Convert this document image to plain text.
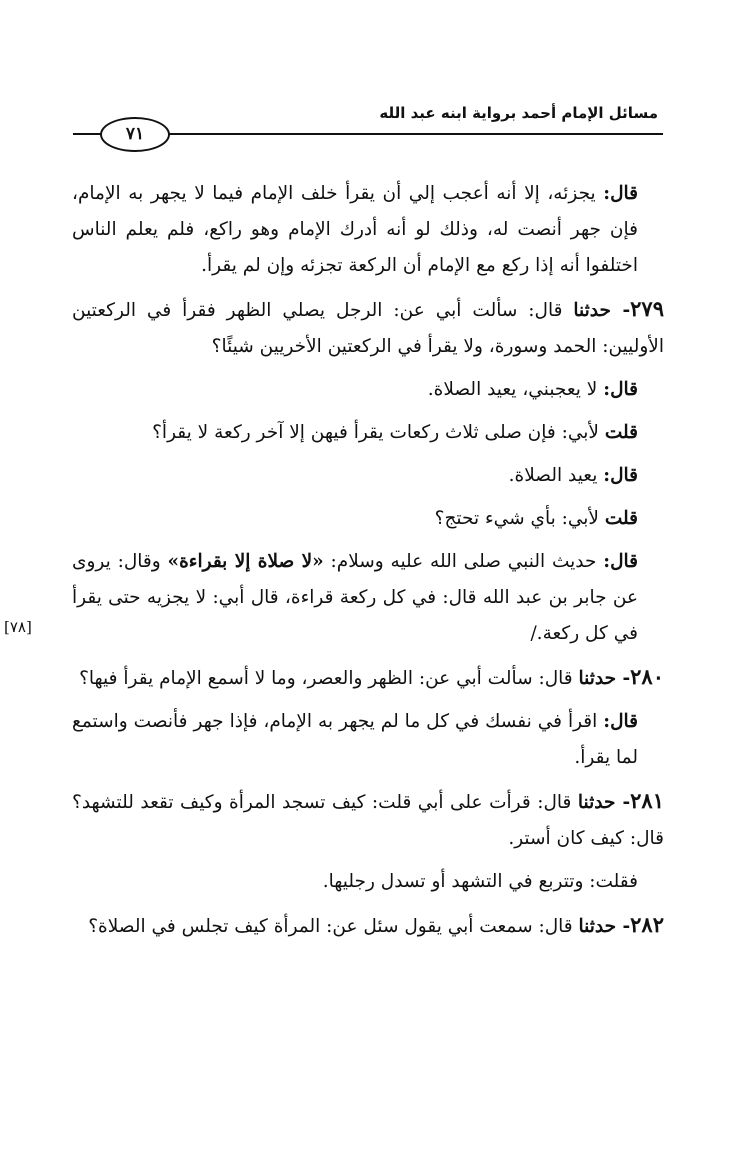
مسائل الإمام أحمد برواية ابنه عبد الله
٧١
[٧٨]

قال: يجزئه، إلا أنه أعجب إلي أن يقرأ خلف الإمام فيما لا يجهر به الإمام، فإن جهر أنصت له، وذلك لو أنه أدرك الإمام وهو راكع، فلم يعلم الناس اختلفوا أنه إذا ركع مع الإمام أن الركعة تجزئه وإن لم يقرأ.

٢٧٩- حدثنا قال: سألت أبي عن: الرجل يصلي الظهر فقرأ في الركعتين الأوليين: الحمد وسورة، ولا يقرأ في الركعتين الأخريين شيئًا؟

قال: لا يعجبني، يعيد الصلاة.

قلت لأبي: فإن صلى ثلاث ركعات يقرأ فيهن إلا آخر ركعة لا يقرأ؟

قال: يعيد الصلاة.

قلت لأبي: بأي شيء تحتج؟

قال: حديث النبي صلى الله عليه وسلام: «لا صلاة إلا بقراءة» وقال: يروى عن جابر بن عبد الله قال: في كل ركعة قراءة، قال أبي: لا يجزيه حتى يقرأ في كل ركعة./

٢٨٠- حدثنا قال: سألت أبي عن: الظهر والعصر، وما لا أسمع الإمام يقرأ فيها؟

قال: اقرأ في نفسك في كل ما لم يجهر به الإمام، فإذا جهر فأنصت واستمع لما يقرأ.

٢٨١- حدثنا قال: قرأت على أبي قلت: كيف تسجد المرأة وكيف تقعد للتشهد؟ قال: كيف كان أستر.

فقلت: وتتربع في التشهد أو تسدل رجليها.

٢٨٢- حدثنا قال: سمعت أبي يقول سئل عن: المرأة كيف تجلس في الصلاة؟
